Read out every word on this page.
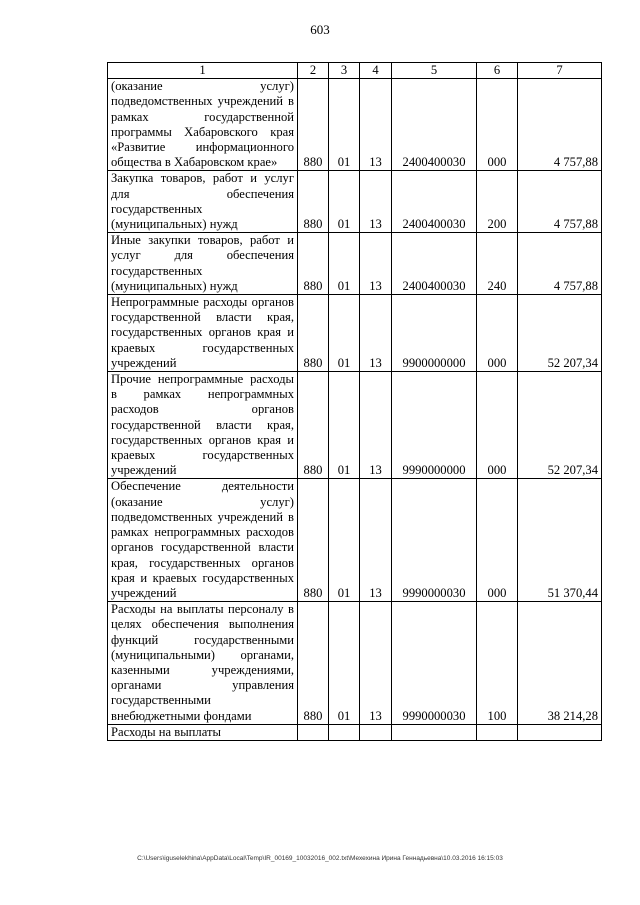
603
1	2	3	4	5	6	7
(оказание услуг) подведомственных учреждений в рамках государственной программы Хабаровского края «Развитие информационного общества в Хабаровском крае»	880	01	13	2400400030	000	4 757,88
Закупка товаров, работ и услуг для обеспечения государственных (муниципальных) нужд	880	01	13	2400400030	200	4 757,88
Иные закупки товаров, работ и услуг для обеспечения государственных (муниципальных) нужд	880	01	13	2400400030	240	4 757,88
Непрограммные расходы органов государственной власти края, государственных органов края и краевых государственных учреждений	880	01	13	9900000000	000	52 207,34
Прочие непрограммные расходы в рамках непрограммных расходов органов государственной власти края, государственных органов края и краевых государственных учреждений	880	01	13	9990000000	000	52 207,34
Обеспечение деятельности (оказание услуг) подведомственных учреждений в рамках непрограммных расходов органов государственной власти края, государственных органов края и краевых государственных учреждений	880	01	13	9990000030	000	51 370,44
Расходы на выплаты персоналу в целях обеспечения выполнения функций государственными (муниципальными) органами, казенными учреждениями, органами управления государственными внебюджетными фондами	880	01	13	9990000030	100	38 214,28
Расходы на выплаты						
C:\Users\iguselekhina\AppData\Local\Temp\IR_00169_10032016_002.txt\Мехехина Ирина Геннадьевна\10.03.2016 16:15:03
